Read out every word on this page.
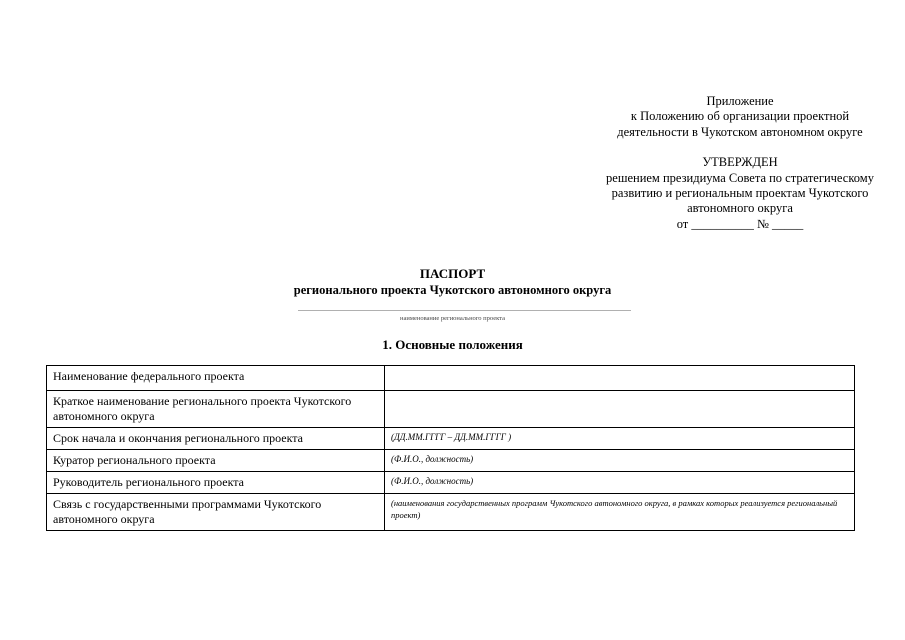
Приложение
к Положению об организации проектной
деятельности в Чукотском автономном округе
УТВЕРЖДЕН
решением президиума Совета по стратегическому
развитию и региональным проектам Чукотского
автономного округа
от __________ № _____
ПАСПОРТ
регионального проекта Чукотского автономного округа
наименование регионального проекта
1. Основные положения
Наименование федерального проекта	
Краткое наименование регионального проекта Чукотского автономного округа	
Срок начала и окончания регионального проекта	(ДД.ММ.ГГГГ – ДД.ММ.ГГГГ )
Куратор регионального проекта	(Ф.И.О., должность)
Руководитель регионального проекта	(Ф.И.О., должность)
Связь с государственными программами Чукотского автономного округа	(наименования государственных программ Чукотского автономного округа, в рамках которых реализуется региональный проект)
